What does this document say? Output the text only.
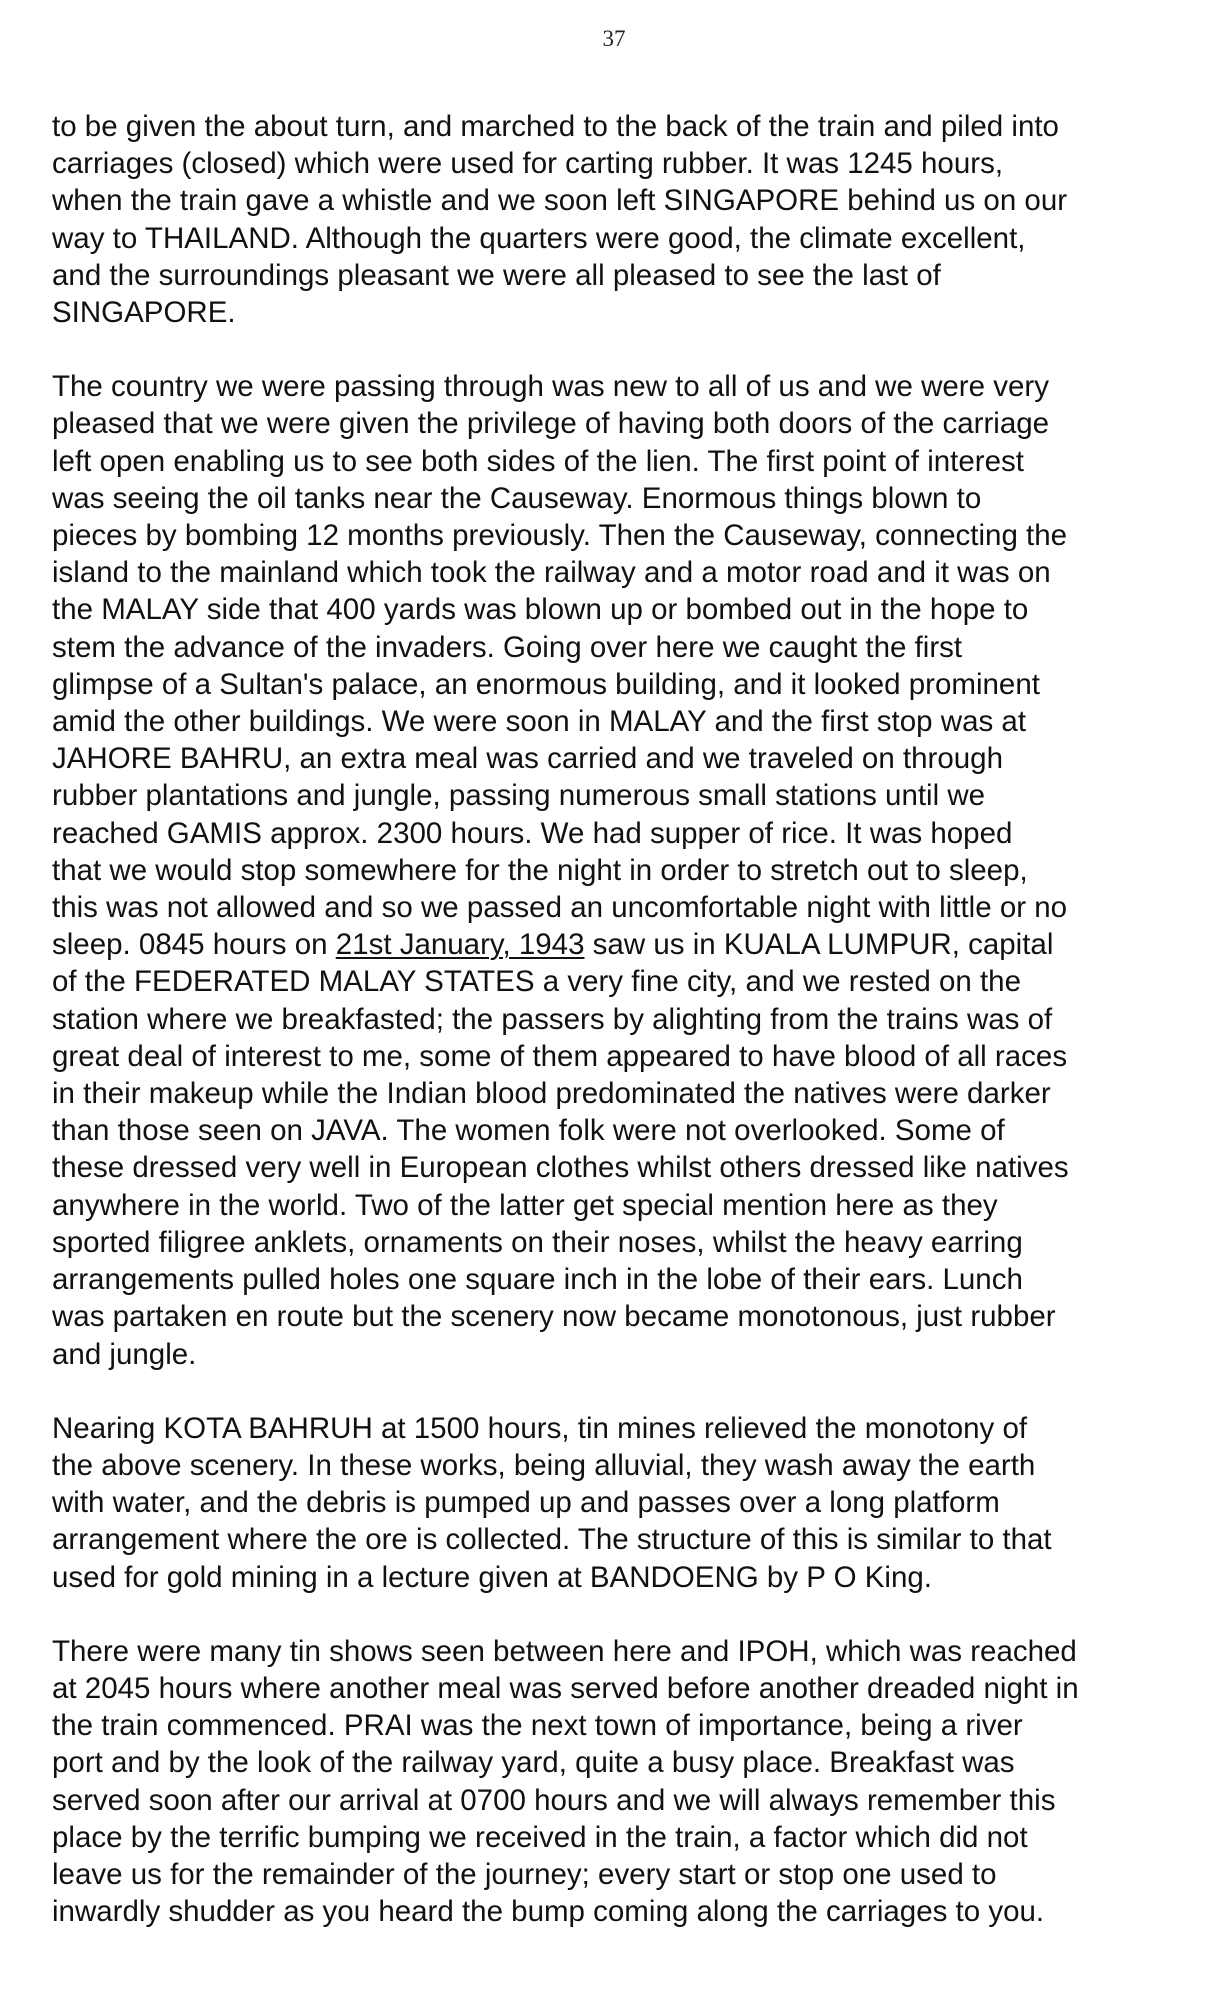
37

to be given the about turn, and marched to the back of the train and piled into
carriages (closed) which were used for carting rubber. It was 1245 hours,
when the train gave a whistle and we soon left SINGAPORE behind us on our
way to THAILAND. Although the quarters were good, the climate excellent,
and the surroundings pleasant we were all pleased to see the last of
SINGAPORE.

The country we were passing through was new to all of us and we were very
pleased that we were given the privilege of having both doors of the carriage
left open enabling us to see both sides of the lien. The first point of interest
was seeing the oil tanks near the Causeway. Enormous things blown to
pieces by bombing 12 months previously. Then the Causeway, connecting the
island to the mainland which took the railway and a motor road and it was on
the MALAY side that 400 yards was blown up or bombed out in the hope to
stem the advance of the invaders. Going over here we caught the first
glimpse of a Sultan's palace, an enormous building, and it looked prominent
amid the other buildings. We were soon in MALAY and the first stop was at
JAHORE BAHRU, an extra meal was carried and we traveled on through
rubber plantations and jungle, passing numerous small stations until we
reached GAMIS approx. 2300 hours. We had supper of rice. It was hoped
that we would stop somewhere for the night in order to stretch out to sleep,
this was not allowed and so we passed an uncomfortable night with little or no
sleep. 0845 hours on 21st January, 1943 saw us in KUALA LUMPUR, capital
of the FEDERATED MALAY STATES a very fine city, and we rested on the
station where we breakfasted; the passers by alighting from the trains was of
great deal of interest to me, some of them appeared to have blood of all races
in their makeup while the Indian blood predominated the natives were darker
than those seen on JAVA. The women folk were not overlooked. Some of
these dressed very well in European clothes whilst others dressed like natives
anywhere in the world. Two of the latter get special mention here as they
sported filigree anklets, ornaments on their noses, whilst the heavy earring
arrangements pulled holes one square inch in the lobe of their ears. Lunch
was partaken en route but the scenery now became monotonous, just rubber
and jungle.

Nearing KOTA BAHRUH at 1500 hours, tin mines relieved the monotony of
the above scenery. In these works, being alluvial, they wash away the earth
with water, and the debris is pumped up and passes over a long platform
arrangement where the ore is collected. The structure of this is similar to that
used for gold mining in a lecture given at BANDOENG by P O King.

There were many tin shows seen between here and IPOH, which was reached
at 2045 hours where another meal was served before another dreaded night in
the train commenced. PRAI was the next town of importance, being a river
port and by the look of the railway yard, quite a busy place. Breakfast was
served soon after our arrival at 0700 hours and we will always remember this
place by the terrific bumping we received in the train, a factor which did not
leave us for the remainder of the journey; every start or stop one used to
inwardly shudder as you heard the bump coming along the carriages to you.
